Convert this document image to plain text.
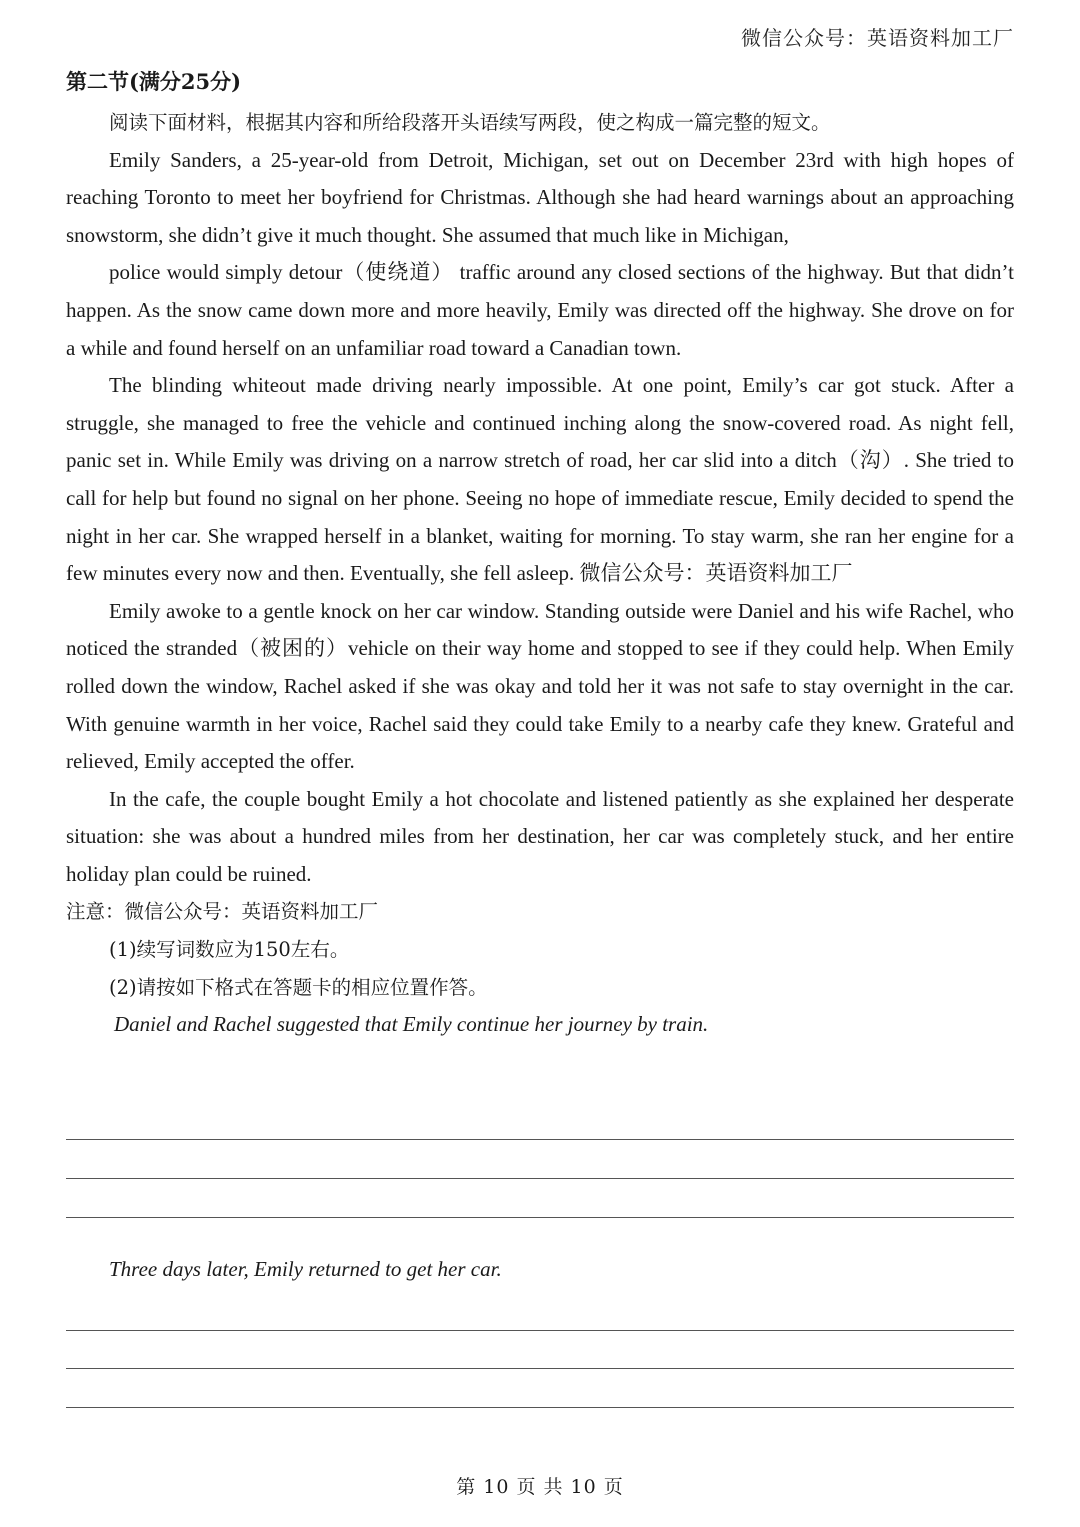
微信公众号：英语资料加工厂
第二节(满分25分)

阅读下面材料，根据其内容和所给段落开头语续写两段，使之构成一篇完整的短文。

Emily Sanders, a 25-year-old from Detroit, Michigan, set out on December 23rd with high hopes of reaching Toronto to meet her boyfriend for Christmas. Although she had heard warnings about an approaching snowstorm, she didn’t give it much thought. She assumed that much like in Michigan,

police would simply detour（使绕道） traffic around any closed sections of the highway. But that didn’t happen. As the snow came down more and more heavily, Emily was directed off the highway. She drove on for a while and found herself on an unfamiliar road toward a Canadian town.

The blinding whiteout made driving nearly impossible. At one point, Emily’s car got stuck. After a struggle, she managed to free the vehicle and continued inching along the snow-covered road. As night fell, panic set in. While Emily was driving on a narrow stretch of road, her car slid into a ditch（沟）. She tried to call for help but found no signal on her phone. Seeing no hope of immediate rescue, Emily decided to spend the night in her car. She wrapped herself in a blanket, waiting for morning. To stay warm, she ran her engine for a few minutes every now and then. Eventually, she fell asleep. 微信公众号：英语资料加工厂

Emily awoke to a gentle knock on her car window. Standing outside were Daniel and his wife Rachel, who noticed the stranded（被困的）vehicle on their way home and stopped to see if they could help. When Emily rolled down the window, Rachel asked if she was okay and told her it was not safe to stay overnight in the car. With genuine warmth in her voice, Rachel said they could take Emily to a nearby cafe they knew. Grateful and relieved, Emily accepted the offer.

In the cafe, the couple bought Emily a hot chocolate and listened patiently as she explained her desperate situation: she was about a hundred miles from her destination, her car was completely stuck, and her entire holiday plan could be ruined.

注意：微信公众号：英语资料加工厂

(1)续写词数应为150左右。

(2)请按如下格式在答题卡的相应位置作答。

Daniel and Rachel suggested that Emily continue her journey by train.

Three days later, Emily returned to get her car.

第 10 页 共 10 页
